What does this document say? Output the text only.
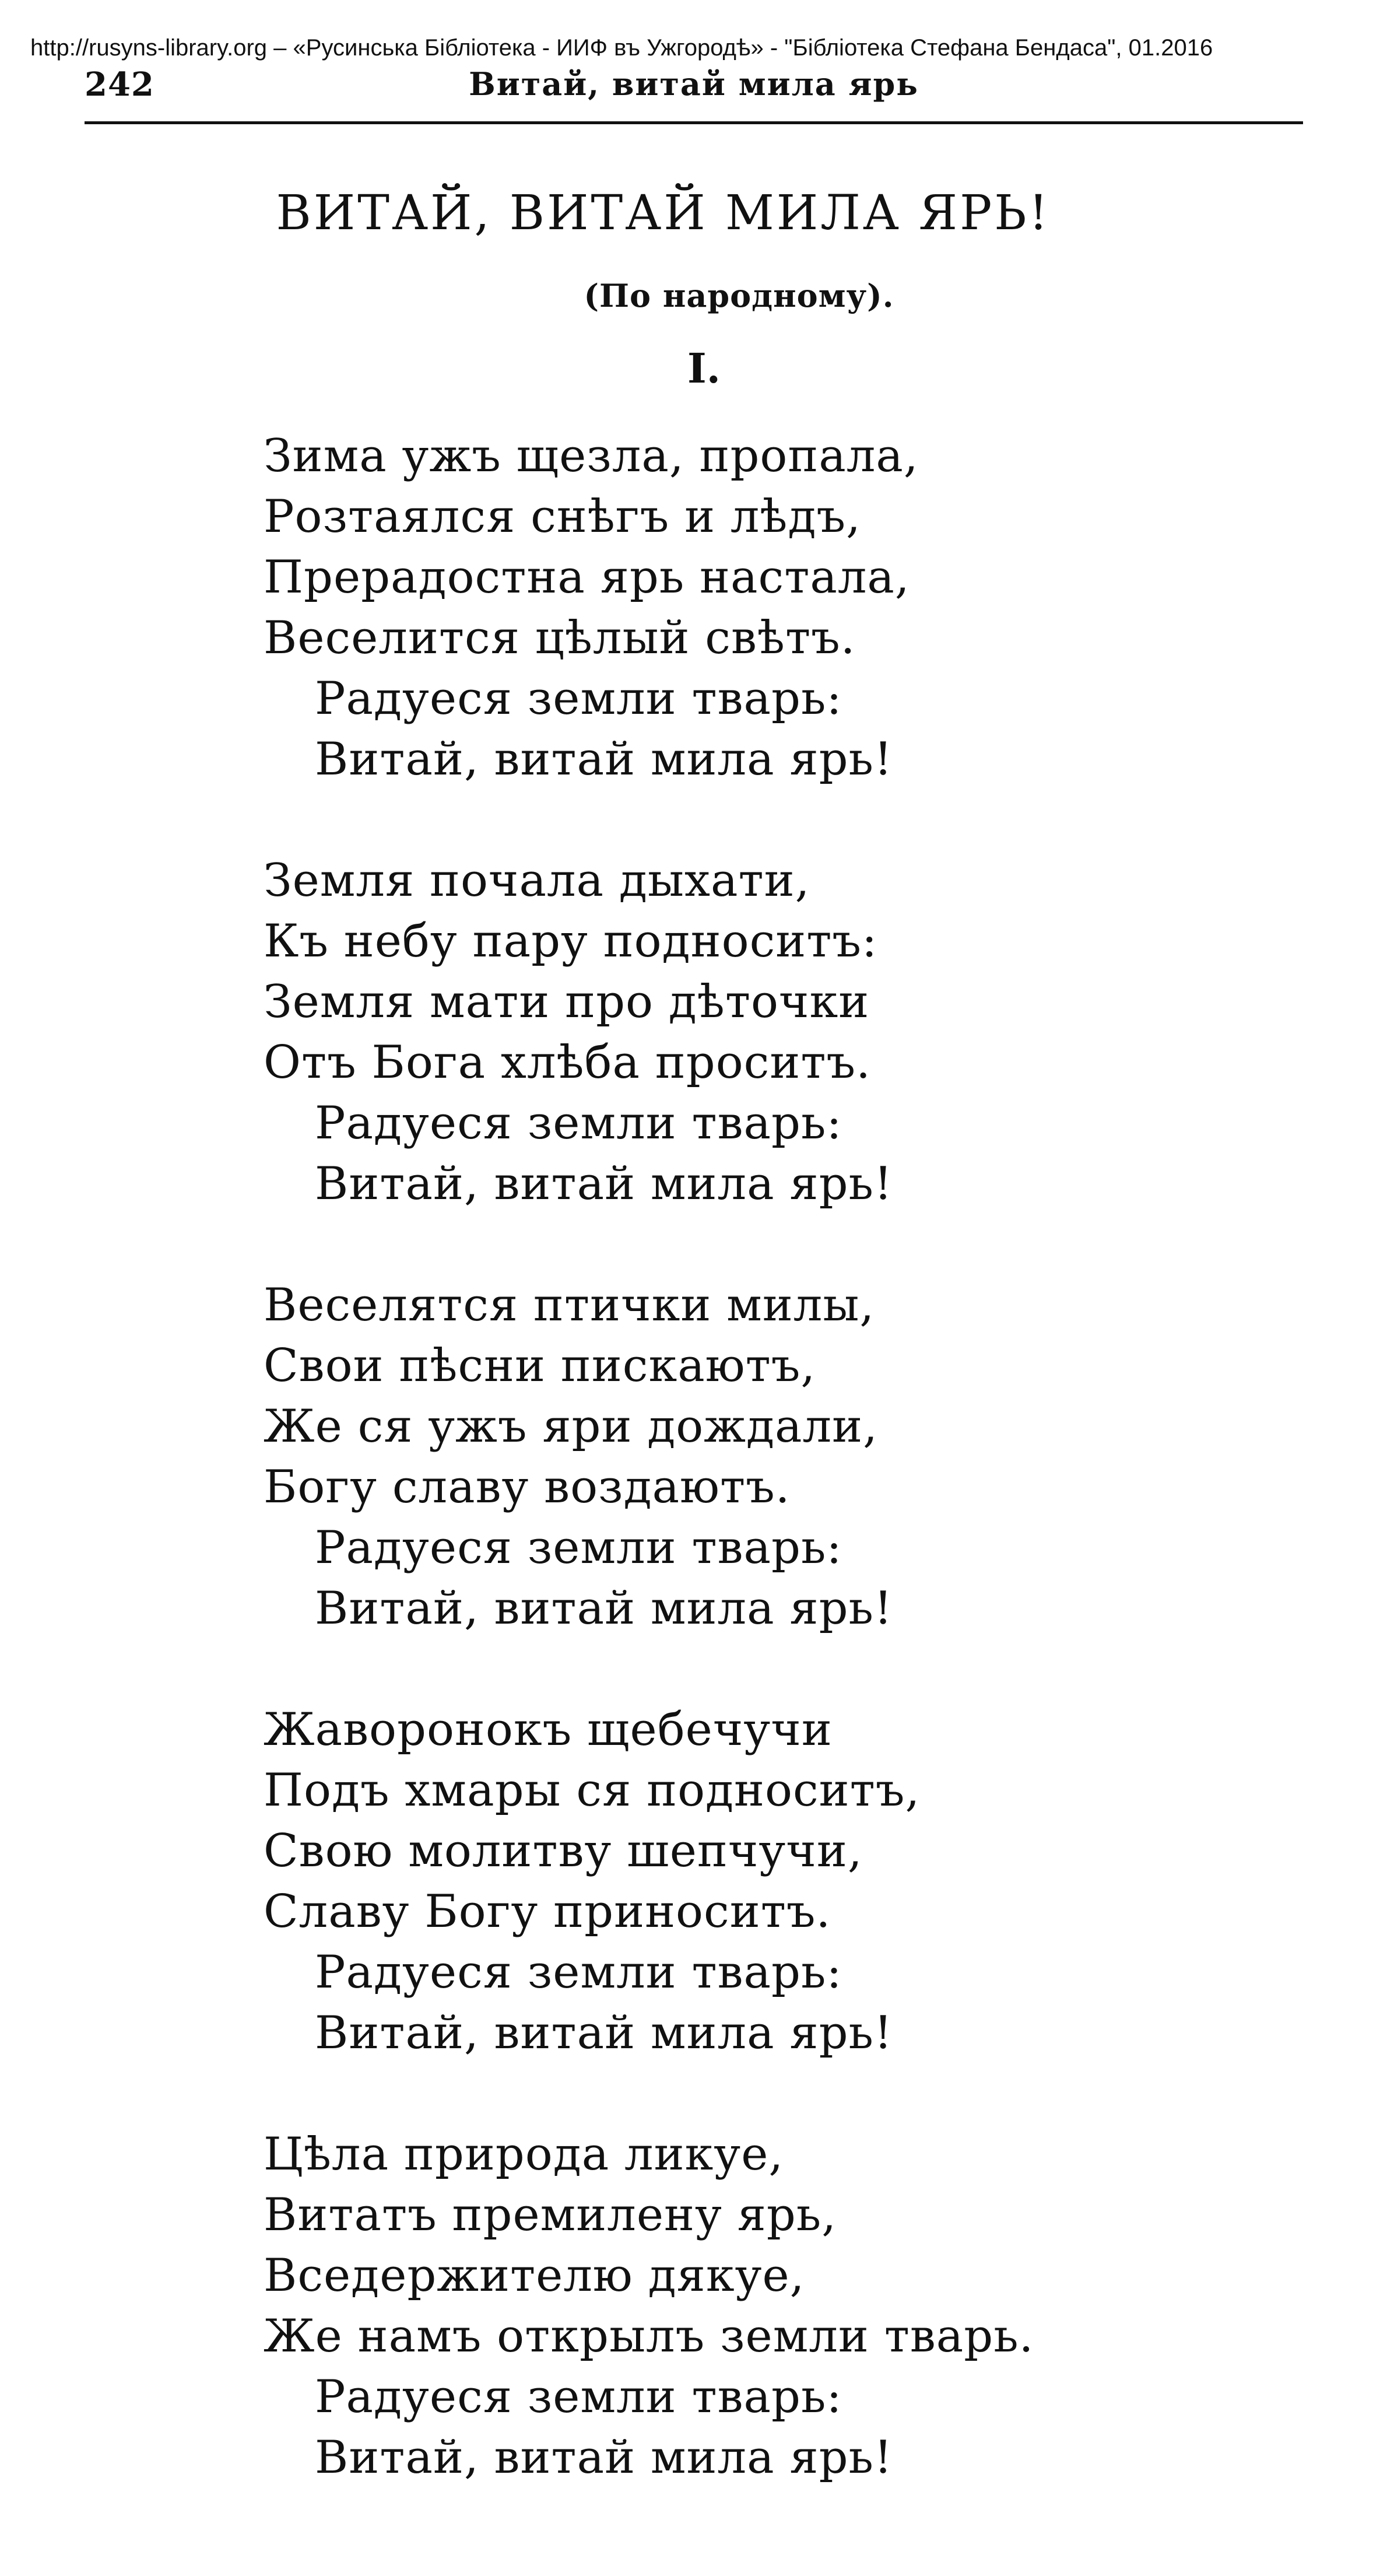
http://rusyns-library.org – «Русинська Бібліотека - ИИФ въ Ужгородѣ» - "Бібліотека Стефана Бендаса", 01.2016
242	Витай, витай мила ярь
ВИТАЙ, ВИТАЙ МИЛА ЯРЬ!
(По народному).
I.
Зима ужъ щезла, пропала,
Розтаялся снѣгъ и лѣдъ,
Прерадостна ярь настала,
Веселится цѣлый свѣтъ.
Радуеся земли тварь:
Витай, витай мила ярь!
Земля почала дыхати,
Къ небу пару подноситъ:
Земля мати про дѣточки
Отъ Бога хлѣба проситъ.
Радуеся земли тварь:
Витай, витай мила ярь!
Веселятся птички милы,
Свои пѣсни пискаютъ,
Же ся ужъ яри дождали,
Богу славу воздаютъ.
Радуеся земли тварь:
Витай, витай мила ярь!
Жаворонокъ щебечучи
Подъ хмары ся подноситъ,
Свою молитву шепчучи,
Славу Богу приноситъ.
Радуеся земли тварь:
Витай, витай мила ярь!
Цѣла природа ликуе,
Витатъ премилену ярь,
Вседержителю дякуе,
Же намъ открылъ земли тварь.
Радуеся земли тварь:
Витай, витай мила ярь!
